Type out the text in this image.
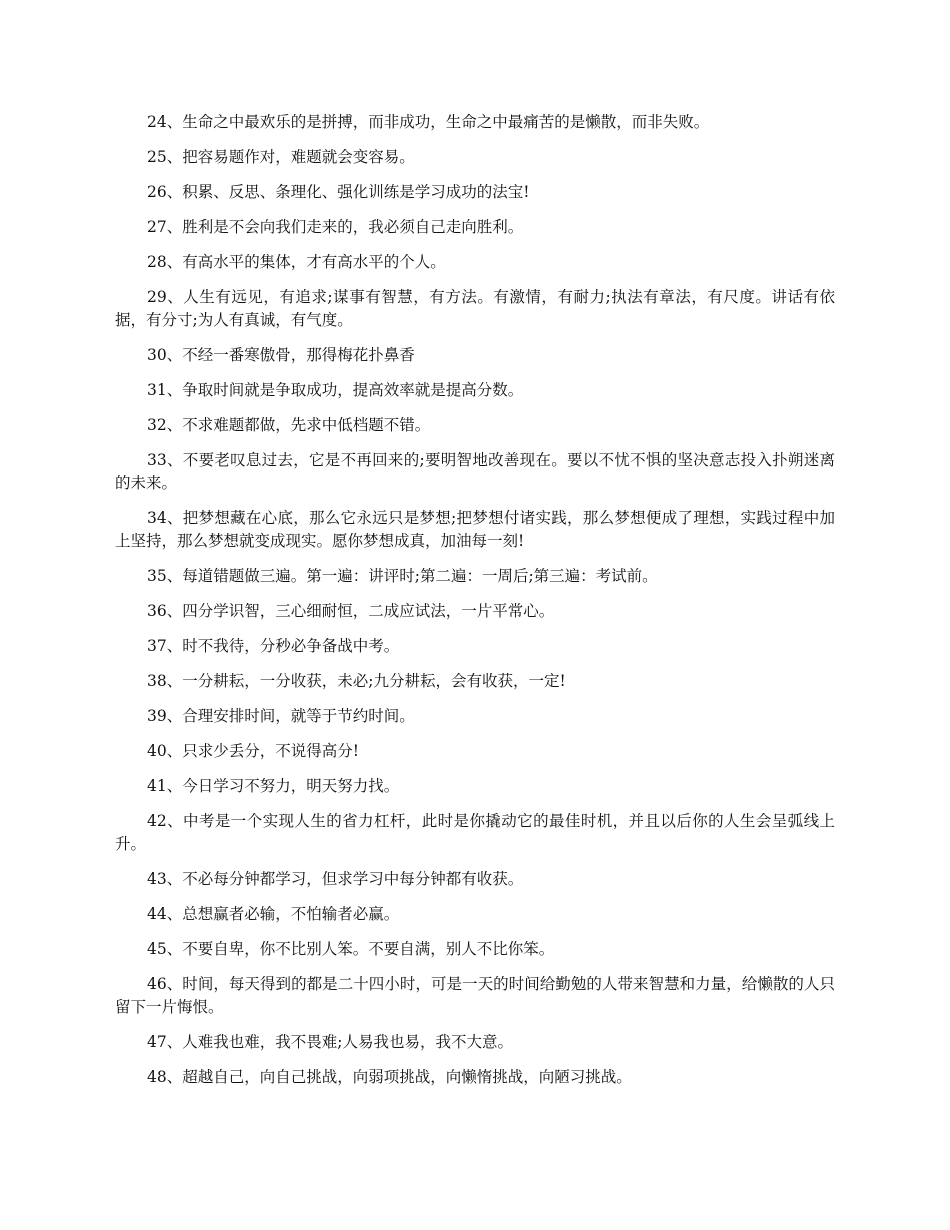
24、生命之中最欢乐的是拼搏，而非成功，生命之中最痛苦的是懒散，而非失败。

25、把容易题作对，难题就会变容易。

26、积累、反思、条理化、强化训练是学习成功的法宝!

27、胜利是不会向我们走来的，我必须自己走向胜利。

28、有高水平的集体，才有高水平的个人。

29、人生有远见，有追求;谋事有智慧，有方法。有激情，有耐力;执法有章法，有尺度。讲话有依据，有分寸;为人有真诚，有气度。

30、不经一番寒傲骨，那得梅花扑鼻香

31、争取时间就是争取成功，提高效率就是提高分数。

32、不求难题都做，先求中低档题不错。

33、不要老叹息过去，它是不再回来的;要明智地改善现在。要以不忧不惧的坚决意志投入扑朔迷离的未来。

34、把梦想藏在心底，那么它永远只是梦想;把梦想付诸实践，那么梦想便成了理想，实践过程中加上坚持，那么梦想就变成现实。愿你梦想成真，加油每一刻!

35、每道错题做三遍。第一遍：讲评时;第二遍：一周后;第三遍：考试前。

36、四分学识智，三心细耐恒，二成应试法，一片平常心。

37、时不我待，分秒必争备战中考。

38、一分耕耘，一分收获，未必;九分耕耘，会有收获，一定!

39、合理安排时间，就等于节约时间。

40、只求少丢分，不说得高分!

41、今日学习不努力，明天努力找。

42、中考是一个实现人生的省力杠杆，此时是你撬动它的最佳时机，并且以后你的人生会呈弧线上升。

43、不必每分钟都学习，但求学习中每分钟都有收获。

44、总想赢者必输，不怕输者必赢。

45、不要自卑，你不比别人笨。不要自满，别人不比你笨。

46、时间，每天得到的都是二十四小时，可是一天的时间给勤勉的人带来智慧和力量，给懒散的人只留下一片悔恨。

47、人难我也难，我不畏难;人易我也易，我不大意。

48、超越自己，向自己挑战，向弱项挑战，向懒惰挑战，向陋习挑战。
